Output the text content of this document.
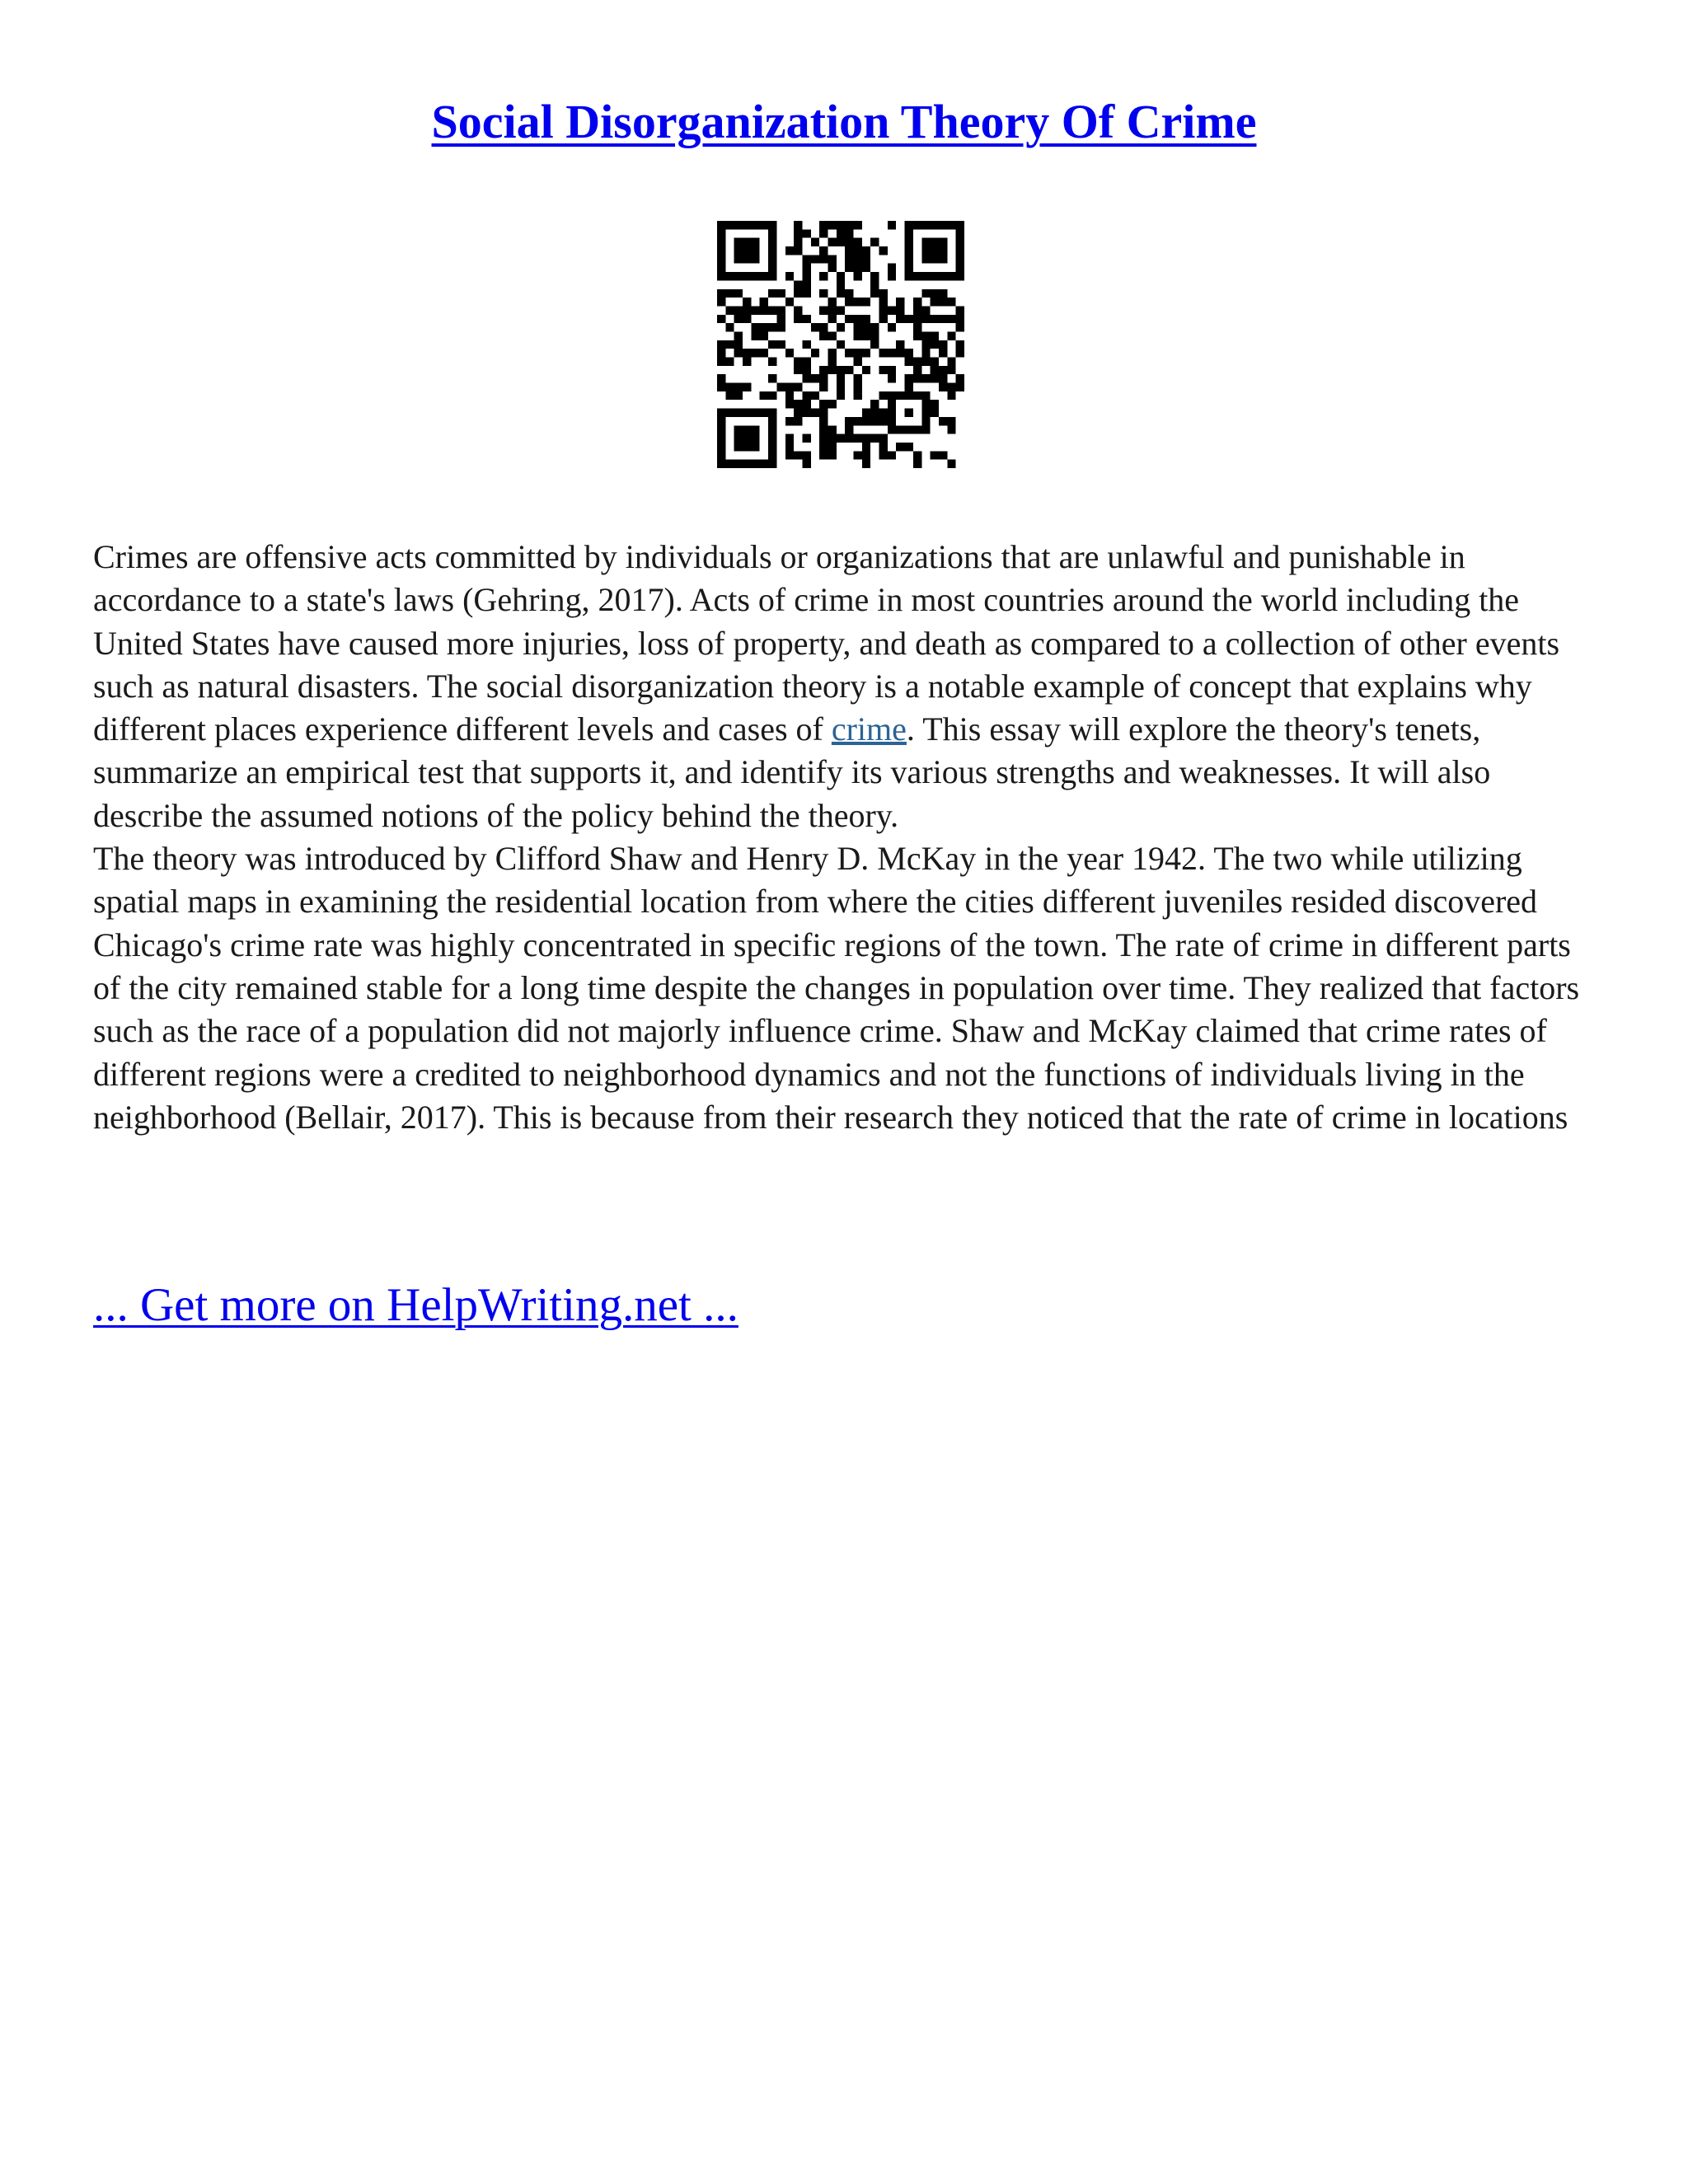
Social Disorganization Theory Of Crime

Crimes are offensive acts committed by individuals or organizations that are unlawful and punishable in accordance to a state's laws (Gehring, 2017). Acts of crime in most countries around the world including the United States have caused more injuries, loss of property, and death as compared to a collection of other events such as natural disasters. The social disorganization theory is a notable example of concept that explains why different places experience different levels and cases of crime. This essay will explore the theory's tenets, summarize an empirical test that supports it, and identify its various strengths and weaknesses. It will also describe the assumed notions of the policy behind the theory.

The theory was introduced by Clifford Shaw and Henry D. McKay in the year 1942. The two while utilizing spatial maps in examining the residential location from where the cities different juveniles resided discovered Chicago's crime rate was highly concentrated in specific regions of the town. The rate of crime in different parts of the city remained stable for a long time despite the changes in population over time. They realized that factors such as the race of a population did not majorly influence crime. Shaw and McKay claimed that crime rates of different regions were a credited to neighborhood dynamics and not the functions of individuals living in the neighborhood (Bellair, 2017). This is because from their research they noticed that the rate of crime in locations

... Get more on HelpWriting.net ...
